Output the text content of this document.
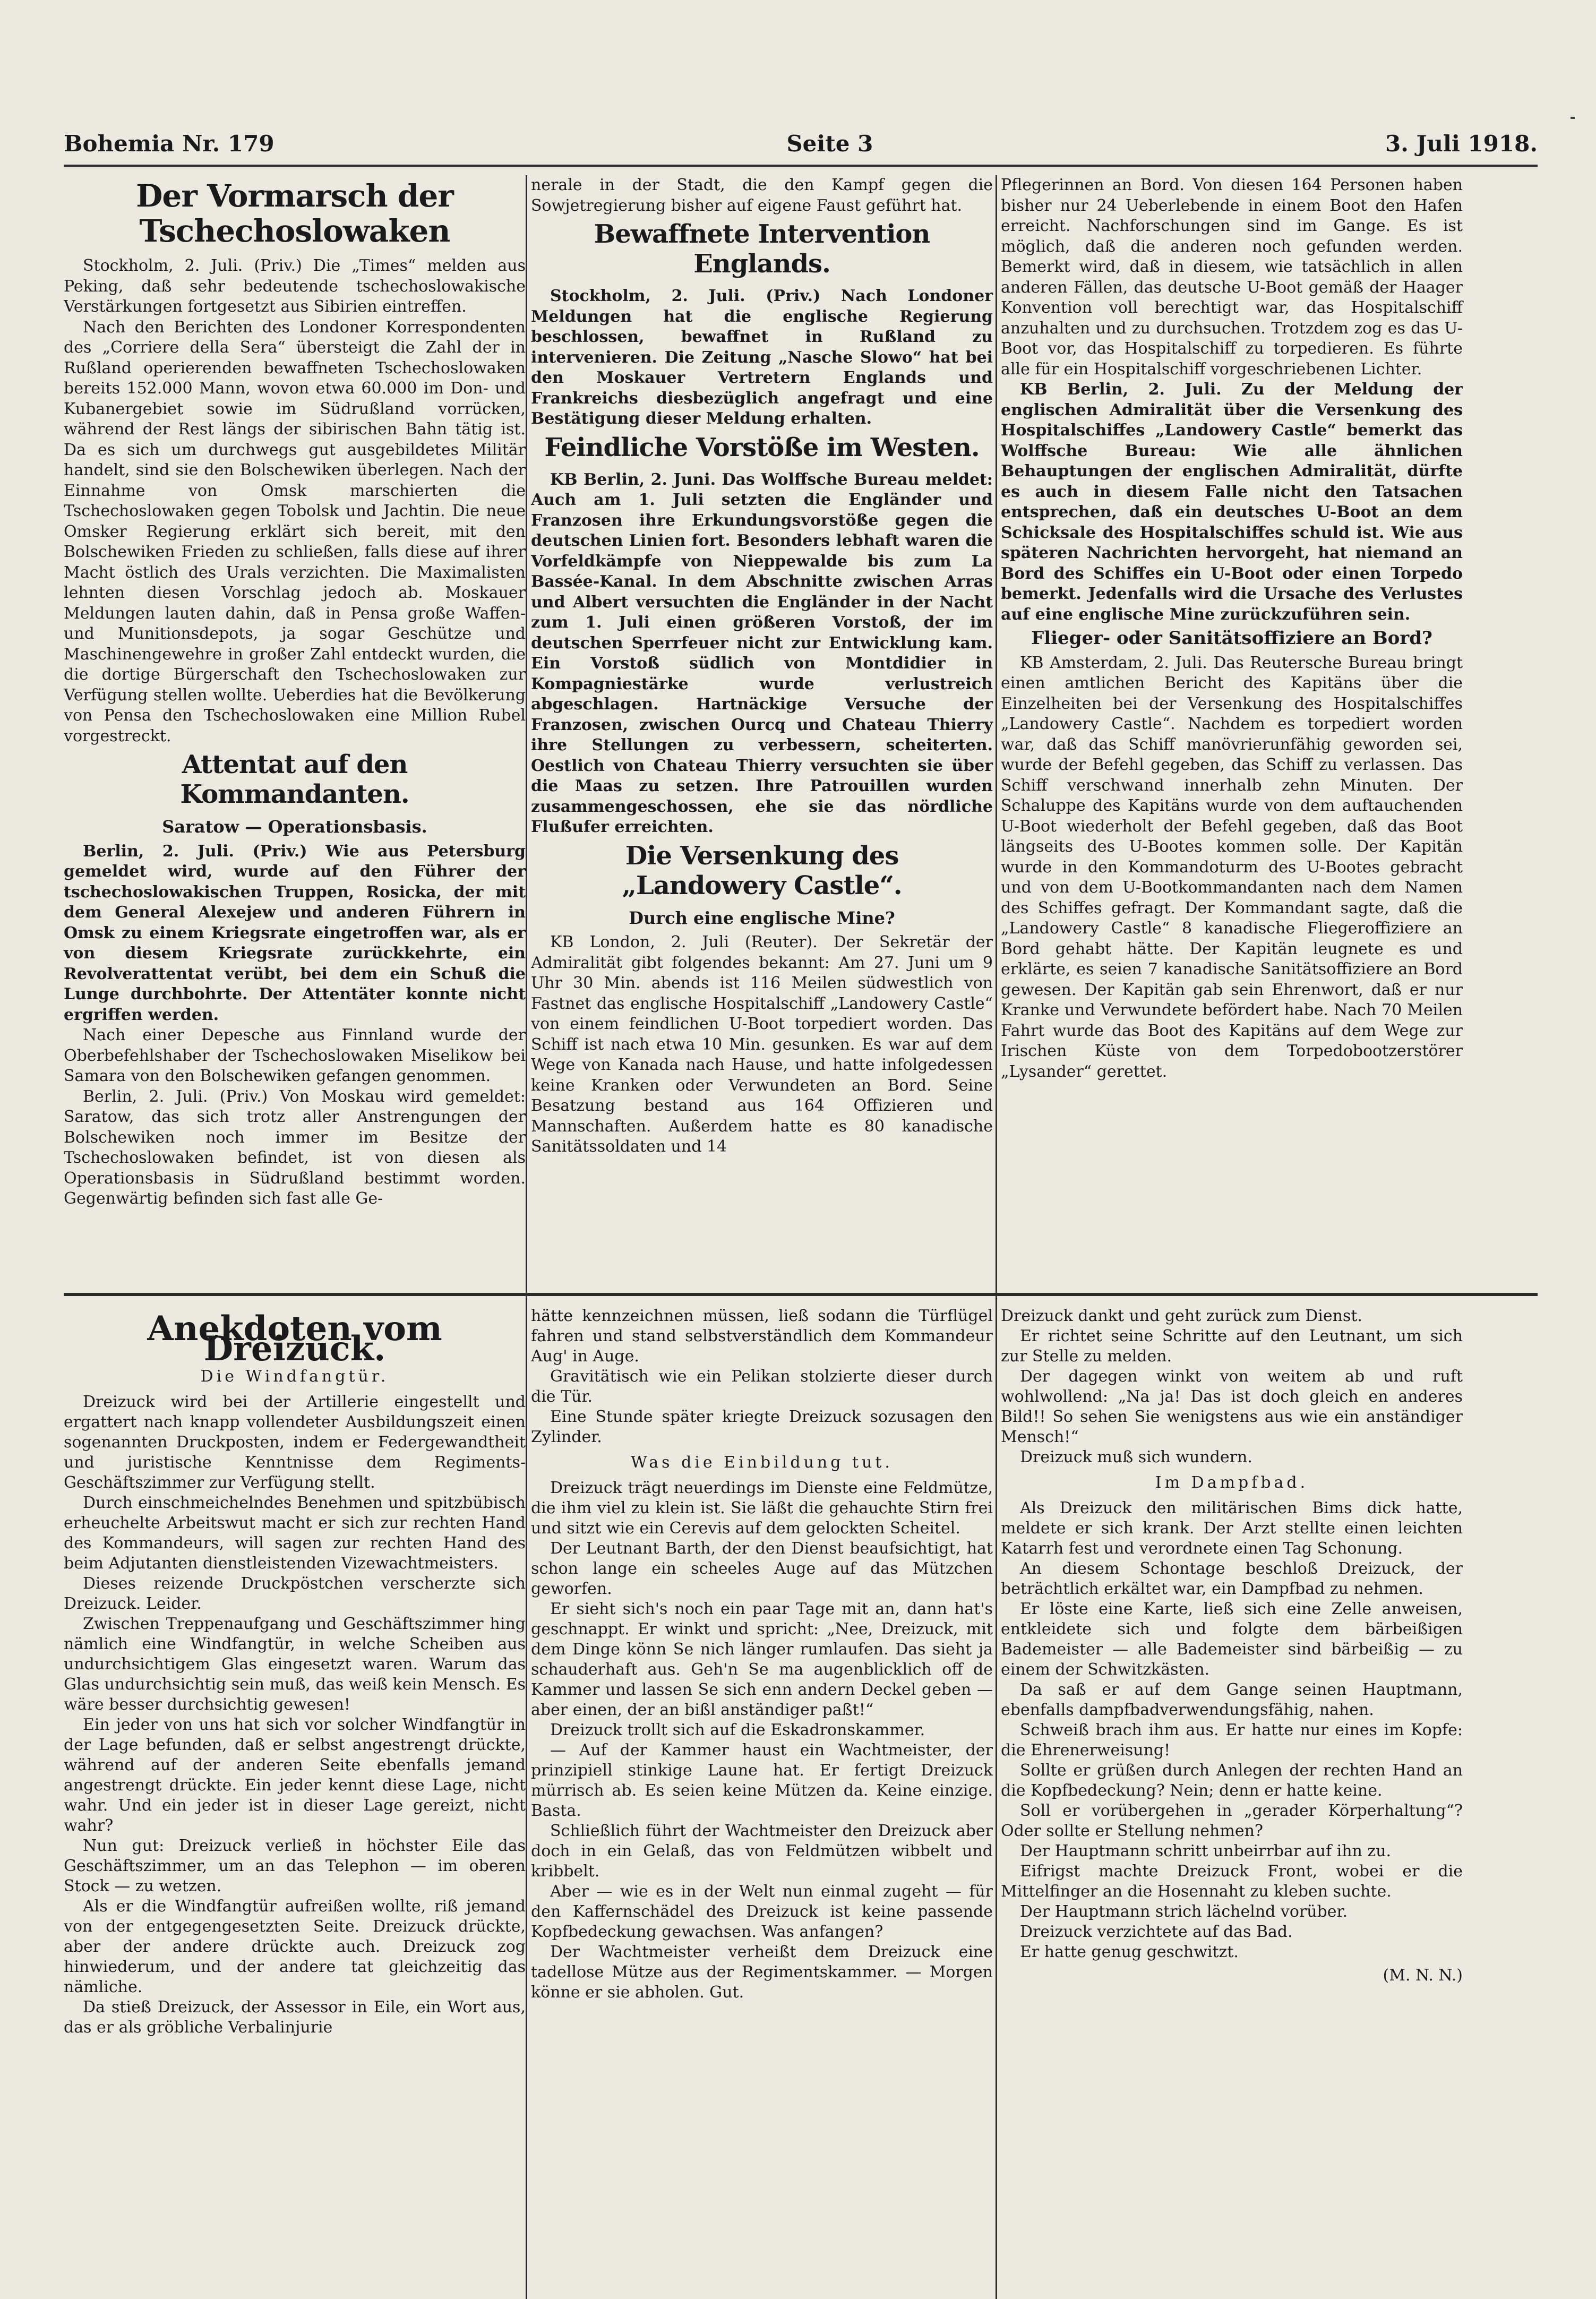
Bohemia Nr. 179	Seite 3	3. Juli 1918.
Der Vormarsch der Tschechoslowaken

Stockholm, 2. Juli. (Priv.) Die „Times“ melden aus Peking, daß sehr bedeutende tschechoslowakische Verstärkungen fortgesetzt aus Sibirien eintreffen.

Nach den Berichten des Londoner Korrespondenten des „Corriere della Sera“ übersteigt die Zahl der in Rußland operierenden bewaffneten Tschechoslowaken bereits 152.000 Mann, wovon etwa 60.000 im Don- und Kubanergebiet sowie im Südrußland vorrücken, während der Rest längs der sibirischen Bahn tätig ist. Da es sich um durchwegs gut ausgebildetes Militär handelt, sind sie den Bolschewiken überlegen. Nach der Einnahme von Omsk marschierten die Tschechoslowaken gegen Tobolsk und Jachtin. Die neue Omsker Regierung erklärt sich bereit, mit den Bolschewiken Frieden zu schließen, falls diese auf ihrer Macht östlich des Urals verzichten. Die Maximalisten lehnten diesen Vorschlag jedoch ab. Moskauer Meldungen lauten dahin, daß in Pensa große Waffen- und Munitionsdepots, ja sogar Geschütze und Maschinengewehre in großer Zahl entdeckt wurden, die die dortige Bürgerschaft den Tschechoslowaken zur Verfügung stellen wollte. Ueberdies hat die Bevölkerung von Pensa den Tschechoslowaken eine Million Rubel vorgestreckt.

Attentat auf den Kommandanten.
Saratow — Operationsbasis.

Berlin, 2. Juli. (Priv.) Wie aus Petersburg gemeldet wird, wurde auf den Führer der tschechoslowakischen Truppen, Rosicka, der mit dem General Alexejew und anderen Führern in Omsk zu einem Kriegsrate eingetroffen war, als er von diesem Kriegsrate zurückkehrte, ein Revolverattentat verübt, bei dem ein Schuß die Lunge durchbohrte. Der Attentäter konnte nicht ergriffen werden.

Nach einer Depesche aus Finnland wurde der Oberbefehlshaber der Tschechoslowaken Miselikow bei Samara von den Bolschewiken gefangen genommen.

Berlin, 2. Juli. (Priv.) Von Moskau wird gemeldet: Saratow, das sich trotz aller Anstrengungen der Bolschewiken noch immer im Besitze der Tschechoslowaken befindet, ist von diesen als Operationsbasis in Südrußland bestimmt worden. Gegenwärtig befinden sich fast alle Ge-

nerale in der Stadt, die den Kampf gegen die Sowjetregierung bisher auf eigene Faust geführt hat.

Bewaffnete Intervention Englands.

Stockholm, 2. Juli. (Priv.) Nach Londoner Meldungen hat die englische Regierung beschlossen, bewaffnet in Rußland zu intervenieren. Die Zeitung „Nasche Slowo“ hat bei den Moskauer Vertretern Englands und Frankreichs diesbezüglich angefragt und eine Bestätigung dieser Meldung erhalten.

Feindliche Vorstöße im Westen.

KB Berlin, 2. Juni. Das Wolffsche Bureau meldet: Auch am 1. Juli setzten die Engländer und Franzosen ihre Erkundungsvorstöße gegen die deutschen Linien fort. Besonders lebhaft waren die Vorfeldkämpfe von Nieppewalde bis zum La Bassée-Kanal. In dem Abschnitte zwischen Arras und Albert versuchten die Engländer in der Nacht zum 1. Juli einen größeren Vorstoß, der im deutschen Sperrfeuer nicht zur Entwicklung kam. Ein Vorstoß südlich von Montdidier in Kompagniestärke wurde verlustreich abgeschlagen. Hartnäckige Versuche der Franzosen, zwischen Ourcq und Chateau Thierry ihre Stellungen zu verbessern, scheiterten. Oestlich von Chateau Thierry versuchten sie über die Maas zu setzen. Ihre Patrouillen wurden zusammengeschossen, ehe sie das nördliche Flußufer erreichten.

Die Versenkung des
„Landowery Castle“.
Durch eine englische Mine?

KB London, 2. Juli (Reuter). Der Sekretär der Admiralität gibt folgendes bekannt: Am 27. Juni um 9 Uhr 30 Min. abends ist 116 Meilen südwestlich von Fastnet das englische Hospitalschiff „Landowery Castle“ von einem feindlichen U-Boot torpediert worden. Das Schiff ist nach etwa 10 Min. gesunken. Es war auf dem Wege von Kanada nach Hause, und hatte infolgedessen keine Kranken oder Verwundeten an Bord. Seine Besatzung bestand aus 164 Offizieren und Mannschaften. Außerdem hatte es 80 kanadische Sanitätssoldaten und 14

Pflegerinnen an Bord. Von diesen 164 Personen haben bisher nur 24 Ueberlebende in einem Boot den Hafen erreicht. Nachforschungen sind im Gange. Es ist möglich, daß die anderen noch gefunden werden. Bemerkt wird, daß in diesem, wie tatsächlich in allen anderen Fällen, das deutsche U-Boot gemäß der Haager Konvention voll berechtigt war, das Hospitalschiff anzuhalten und zu durchsuchen. Trotzdem zog es das U-Boot vor, das Hospitalschiff zu torpedieren. Es führte alle für ein Hospitalschiff vorgeschriebenen Lichter.

KB Berlin, 2. Juli. Zu der Meldung der englischen Admiralität über die Versenkung des Hospitalschiffes „Landowery Castle“ bemerkt das Wolffsche Bureau: Wie alle ähnlichen Behauptungen der englischen Admiralität, dürfte es auch in diesem Falle nicht den Tatsachen entsprechen, daß ein deutsches U-Boot an dem Schicksale des Hospitalschiffes schuld ist. Wie aus späteren Nachrichten hervorgeht, hat niemand an Bord des Schiffes ein U-Boot oder einen Torpedo bemerkt. Jedenfalls wird die Ursache des Verlustes auf eine englische Mine zurückzuführen sein.

Flieger- oder Sanitätsoffiziere an Bord?

KB Amsterdam, 2. Juli. Das Reutersche Bureau bringt einen amtlichen Bericht des Kapitäns über die Einzelheiten bei der Versenkung des Hospitalschiffes „Landowery Castle“. Nachdem es torpediert worden war, daß das Schiff manövrierunfähig geworden sei, wurde der Befehl gegeben, das Schiff zu verlassen. Das Schiff verschwand innerhalb zehn Minuten. Der Schaluppe des Kapitäns wurde von dem auftauchenden U-Boot wiederholt der Befehl gegeben, daß das Boot längseits des U-Bootes kommen solle. Der Kapitän wurde in den Kommandoturm des U-Bootes gebracht und von dem U-Bootkommandanten nach dem Namen des Schiffes gefragt. Der Kommandant sagte, daß die „Landowery Castle“ 8 kanadische Fliegeroffiziere an Bord gehabt hätte. Der Kapitän leugnete es und erklärte, es seien 7 kanadische Sanitätsoffiziere an Bord gewesen. Der Kapitän gab sein Ehrenwort, daß er nur Kranke und Verwundete befördert habe. Nach 70 Meilen Fahrt wurde das Boot des Kapitäns auf dem Wege zur Irischen Küste von dem Torpedobootzerstörer „Lysander“ gerettet.

Anekdoten vom Dreizuck.
Die Windfangtür.

Dreizuck wird bei der Artillerie eingestellt und ergattert nach knapp vollendeter Ausbildungszeit einen sogenannten Druckposten, indem er Federgewandtheit und juristische Kenntnisse dem Regiments-Geschäftszimmer zur Verfügung stellt.

Durch einschmeichelndes Benehmen und spitzbübisch erheuchelte Arbeitswut macht er sich zur rechten Hand des Kommandeurs, will sagen zur rechten Hand des beim Adjutanten dienstleistenden Vizewachtmeisters.

Dieses reizende Druckpöstchen verscherzte sich Dreizuck. Leider.

Zwischen Treppenaufgang und Geschäftszimmer hing nämlich eine Windfangtür, in welche Scheiben aus undurchsichtigem Glas eingesetzt waren. Warum das Glas undurchsichtig sein muß, das weiß kein Mensch. Es wäre besser durchsichtig gewesen!

Ein jeder von uns hat sich vor solcher Windfangtür in der Lage befunden, daß er selbst angestrengt drückte, während auf der anderen Seite ebenfalls jemand angestrengt drückte. Ein jeder kennt diese Lage, nicht wahr. Und ein jeder ist in dieser Lage gereizt, nicht wahr?

Nun gut: Dreizuck verließ in höchster Eile das Geschäftszimmer, um an das Telephon — im oberen Stock — zu wetzen.

Als er die Windfangtür aufreißen wollte, riß jemand von der entgegengesetzten Seite. Dreizuck drückte, aber der andere drückte auch. Dreizuck zog hinwiederum, und der andere tat gleichzeitig das nämliche.

Da stieß Dreizuck, der Assessor in Eile, ein Wort aus, das er als gröbliche Verbalinjurie

hätte kennzeichnen müssen, ließ sodann die Türflügel fahren und stand selbstverständlich dem Kommandeur Aug' in Auge.

Gravitätisch wie ein Pelikan stolzierte dieser durch die Tür.

Eine Stunde später kriegte Dreizuck sozusagen den Zylinder.

Was die Einbildung tut.

Dreizuck trägt neuerdings im Dienste eine Feldmütze, die ihm viel zu klein ist. Sie läßt die gehauchte Stirn frei und sitzt wie ein Cerevis auf dem gelockten Scheitel.

Der Leutnant Barth, der den Dienst beaufsichtigt, hat schon lange ein scheeles Auge auf das Mützchen geworfen.

Er sieht sich's noch ein paar Tage mit an, dann hat's geschnappt. Er winkt und spricht: „Nee, Dreizuck, mit dem Dinge könn Se nich länger rumlaufen. Das sieht ja schauderhaft aus. Geh'n Se ma augenblicklich off de Kammer und lassen Se sich enn andern Deckel geben — aber einen, der an bißl anständiger paßt!“

Dreizuck trollt sich auf die Eskadronskammer.

— Auf der Kammer haust ein Wachtmeister, der prinzipiell stinkige Laune hat. Er fertigt Dreizuck mürrisch ab. Es seien keine Mützen da. Keine einzige. Basta.

Schließlich führt der Wachtmeister den Dreizuck aber doch in ein Gelaß, das von Feldmützen wibbelt und kribbelt.

Aber — wie es in der Welt nun einmal zugeht — für den Kaffernschädel des Dreizuck ist keine passende Kopfbedeckung gewachsen. Was anfangen?

Der Wachtmeister verheißt dem Dreizuck eine tadellose Mütze aus der Regimentskammer. — Morgen könne er sie abholen. Gut.

Dreizuck dankt und geht zurück zum Dienst.

Er richtet seine Schritte auf den Leutnant, um sich zur Stelle zu melden.

Der dagegen winkt von weitem ab und ruft wohlwollend: „Na ja! Das ist doch gleich en anderes Bild!! So sehen Sie wenigstens aus wie ein anständiger Mensch!“

Dreizuck muß sich wundern.

Im Dampfbad.

Als Dreizuck den militärischen Bims dick hatte, meldete er sich krank. Der Arzt stellte einen leichten Katarrh fest und verordnete einen Tag Schonung.

An diesem Schontage beschloß Dreizuck, der beträchtlich erkältet war, ein Dampfbad zu nehmen.

Er löste eine Karte, ließ sich eine Zelle anweisen, entkleidete sich und folgte dem bärbeißigen Bademeister — alle Bademeister sind bärbeißig — zu einem der Schwitzkästen.

Da saß er auf dem Gange seinen Hauptmann, ebenfalls dampfbadverwendungsfähig, nahen.

Schweiß brach ihm aus. Er hatte nur eines im Kopfe: die Ehrenerweisung!

Sollte er grüßen durch Anlegen der rechten Hand an die Kopfbedeckung? Nein; denn er hatte keine.

Soll er vorübergehen in „gerader Körperhaltung“? Oder sollte er Stellung nehmen?

Der Hauptmann schritt unbeirrbar auf ihn zu.

Eifrigst machte Dreizuck Front, wobei er die Mittelfinger an die Hosennaht zu kleben suchte.

Der Hauptmann strich lächelnd vorüber.

Dreizuck verzichtete auf das Bad.

Er hatte genug geschwitzt.

(M. N. N.)
